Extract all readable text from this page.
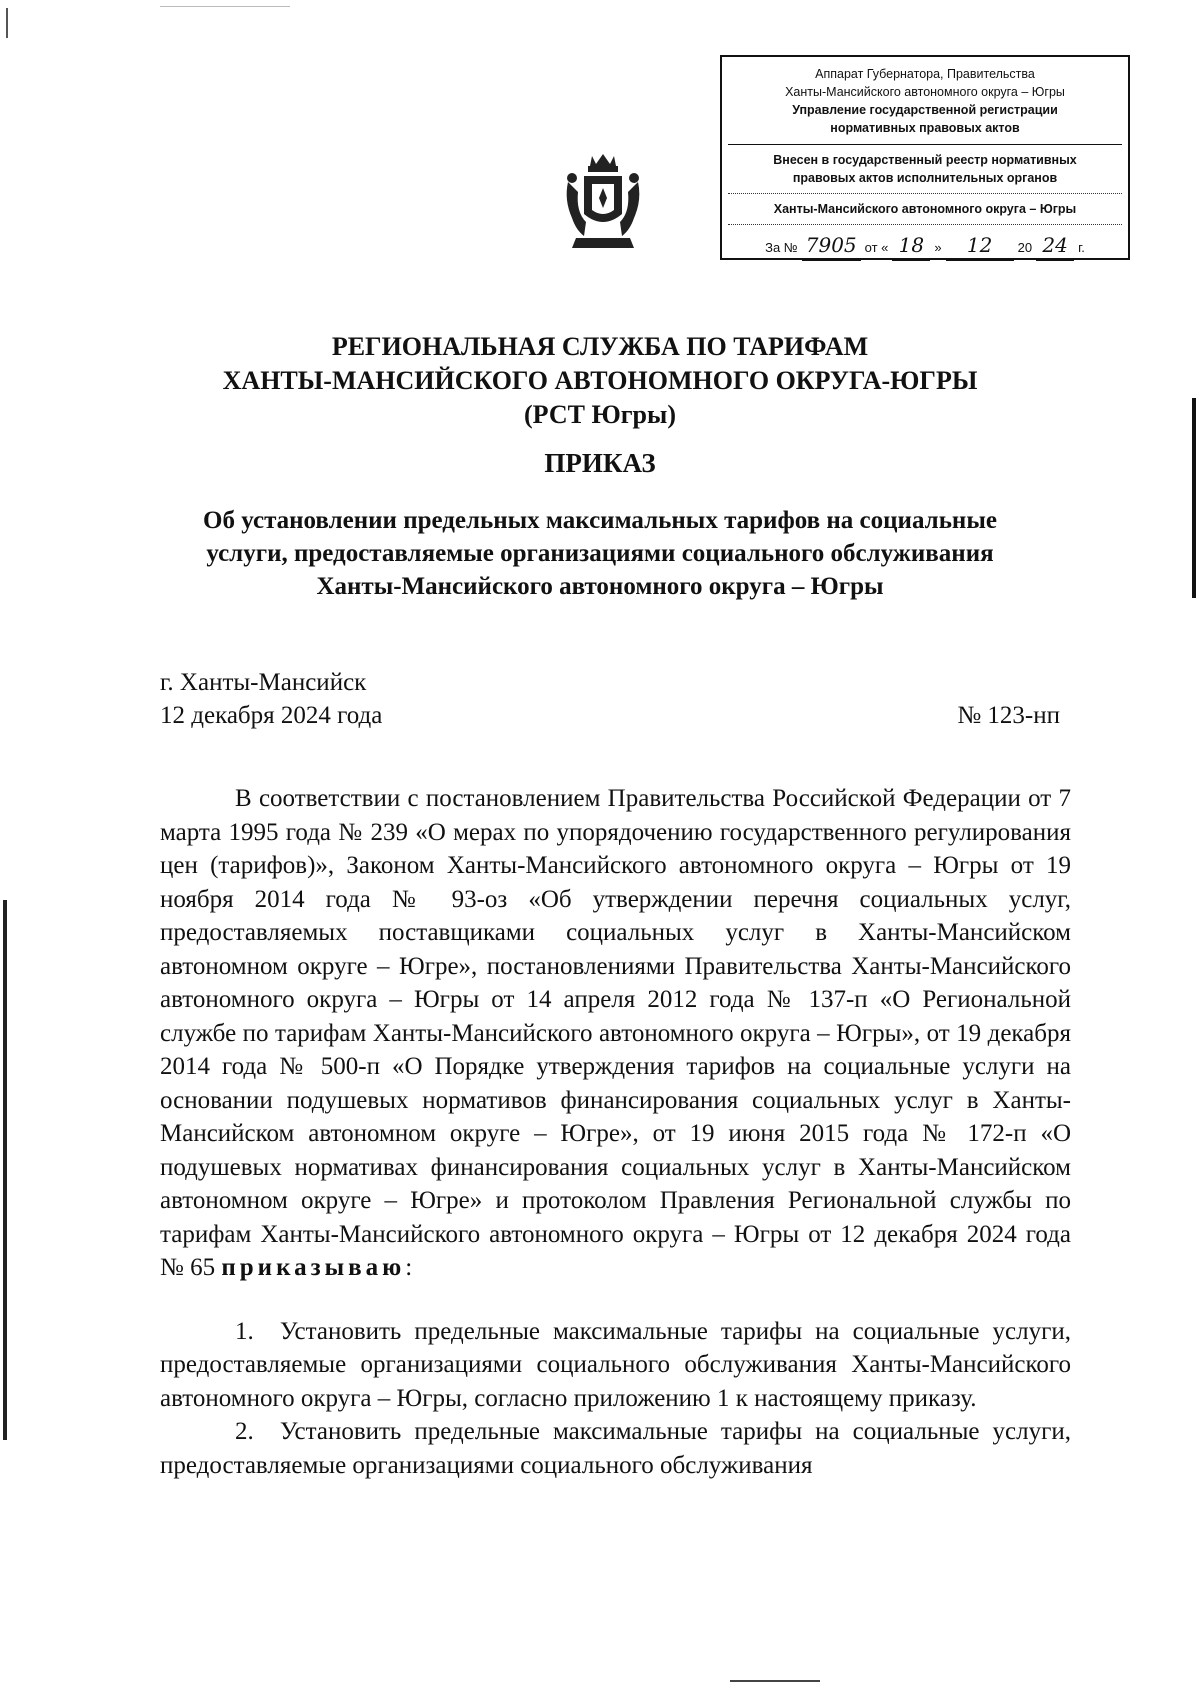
Аппарат Губернатора, Правительства
Ханты-Мансийского автономного округа – Югры
Управление государственной регистрации
нормативных правовых актов
Внесен в государственный реестр нормативных
правовых актов исполнительных органов
Ханты-Мансийского автономного округа – Югры
За № 7905 от « 18 »	12	20 24 г.
РЕГИОНАЛЬНАЯ СЛУЖБА ПО ТАРИФАМ
ХАНТЫ-МАНСИЙСКОГО АВТОНОМНОГО ОКРУГА-ЮГРЫ
(РСТ Югры)
ПРИКАЗ
Об установлении предельных максимальных тарифов на социальные
услуги, предоставляемые организациями социального обслуживания
Ханты-Мансийского автономного округа – Югры
г. Ханты-Мансийск
12 декабря 2024 года	№ 123-нп

В соответствии с постановлением Правительства Российской Федерации от 7 марта 1995 года № 239 «О мерах по упорядочению государственного регулирования цен (тарифов)», Законом Ханты-Мансийского автономного округа – Югры от 19 ноября 2014 года № 93-оз «Об утверждении перечня социальных услуг, предоставляемых поставщиками социальных услуг в Ханты-Мансийском автономном округе – Югре», постановлениями Правительства Ханты-Мансийского автономного округа – Югры от 14 апреля 2012 года № 137-п «О Региональной службе по тарифам Ханты-Мансийского автономного округа – Югры», от 19 декабря 2014 года № 500-п «О Порядке утверждения тарифов на социальные услуги на основании подушевых нормативов финансирования социальных услуг в Ханты-Мансийском автономном округе – Югре», от 19 июня 2015 года № 172-п «О подушевых нормативах финансирования социальных услуг в Ханты-Мансийском автономном округе – Югре» и протоколом Правления Региональной службы по тарифам Ханты-Мансийского автономного округа – Югры от 12 декабря 2024 года № 65 приказываю:

1.  Установить предельные максимальные тарифы на социальные услуги, предоставляемые организациями социального обслуживания Ханты-Мансийского автономного округа – Югры, согласно приложению 1 к настоящему приказу.

2.  Установить предельные максимальные тарифы на социальные услуги, предоставляемые организациями социального обслуживания
